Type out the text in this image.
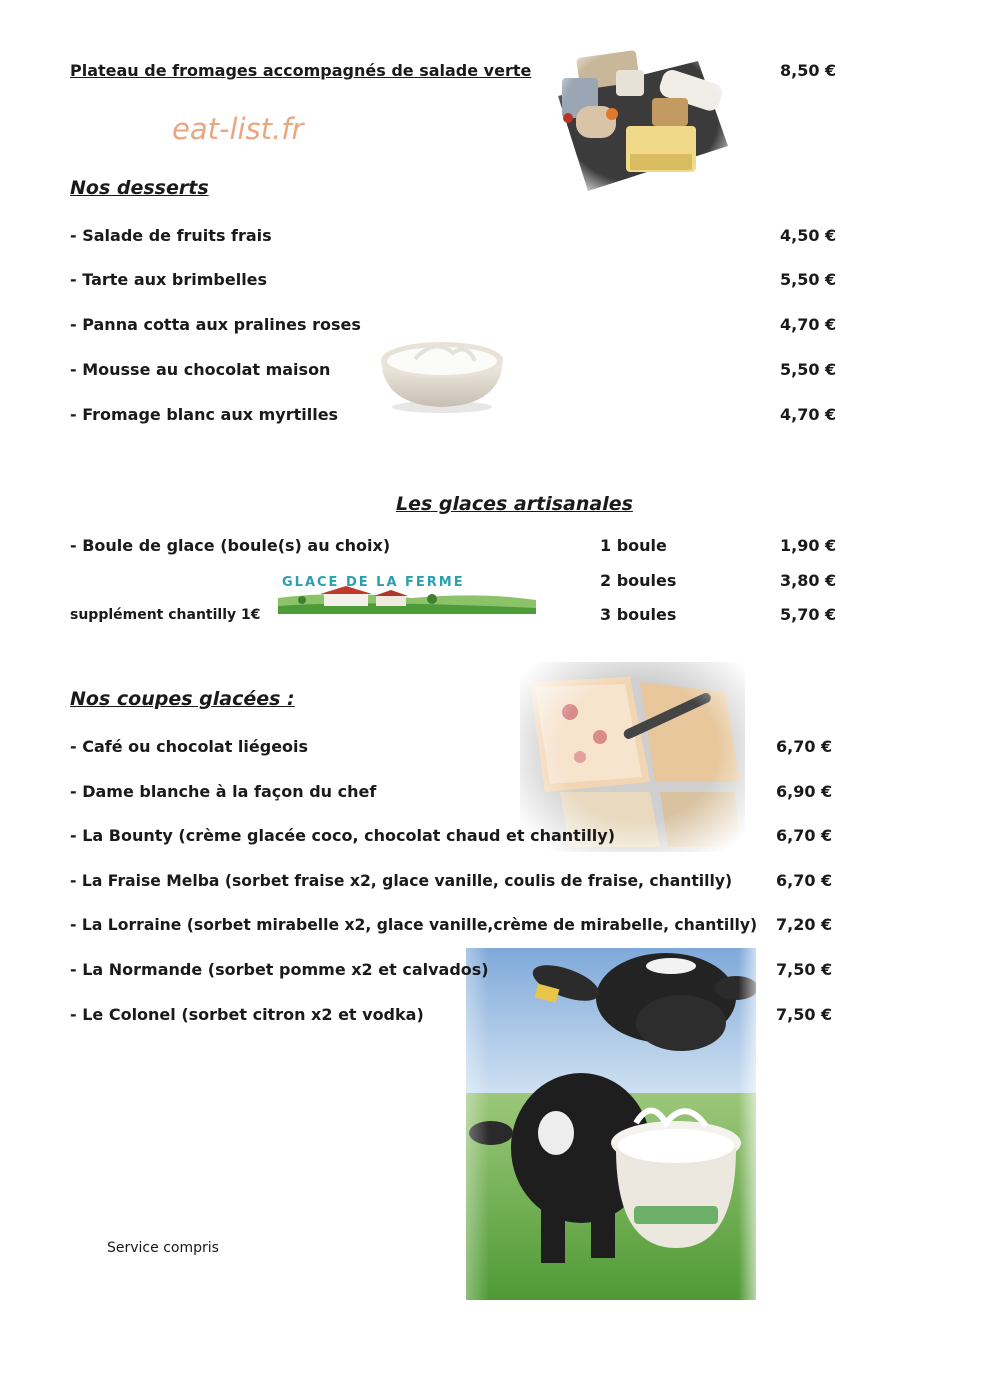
Plateau de fromages accompagnés de salade verte	8,50 €
eat-list.fr
Nos desserts
- Salade de fruits frais	4,50 €
- Tarte aux brimbelles	5,50 €
- Panna cotta aux pralines roses	4,70 €
- Mousse au chocolat maison	5,50 €
- Fromage blanc aux myrtilles	4,70 €
Les glaces artisanales
- Boule de glace (boule(s) au choix)	1 boule	1,90 €
2 boules	3,80 €
supplément chantilly 1€	3 boules	5,70 €
GLACE DE LA FERME
Nos coupes glacées :
- Café ou chocolat liégeois	6,70 €
- Dame blanche à la façon du chef	6,90 €
- La Bounty (crème glacée coco, chocolat chaud et chantilly)	6,70 €
- La Fraise Melba (sorbet fraise x2, glace vanille, coulis de fraise, chantilly)	6,70 €
- La Lorraine (sorbet mirabelle x2, glace vanille,crème de mirabelle, chantilly) 7,20 €
- La Normande (sorbet pomme x2 et calvados)	7,50 €
- Le Colonel (sorbet citron x2 et vodka)	7,50 €
Service compris
